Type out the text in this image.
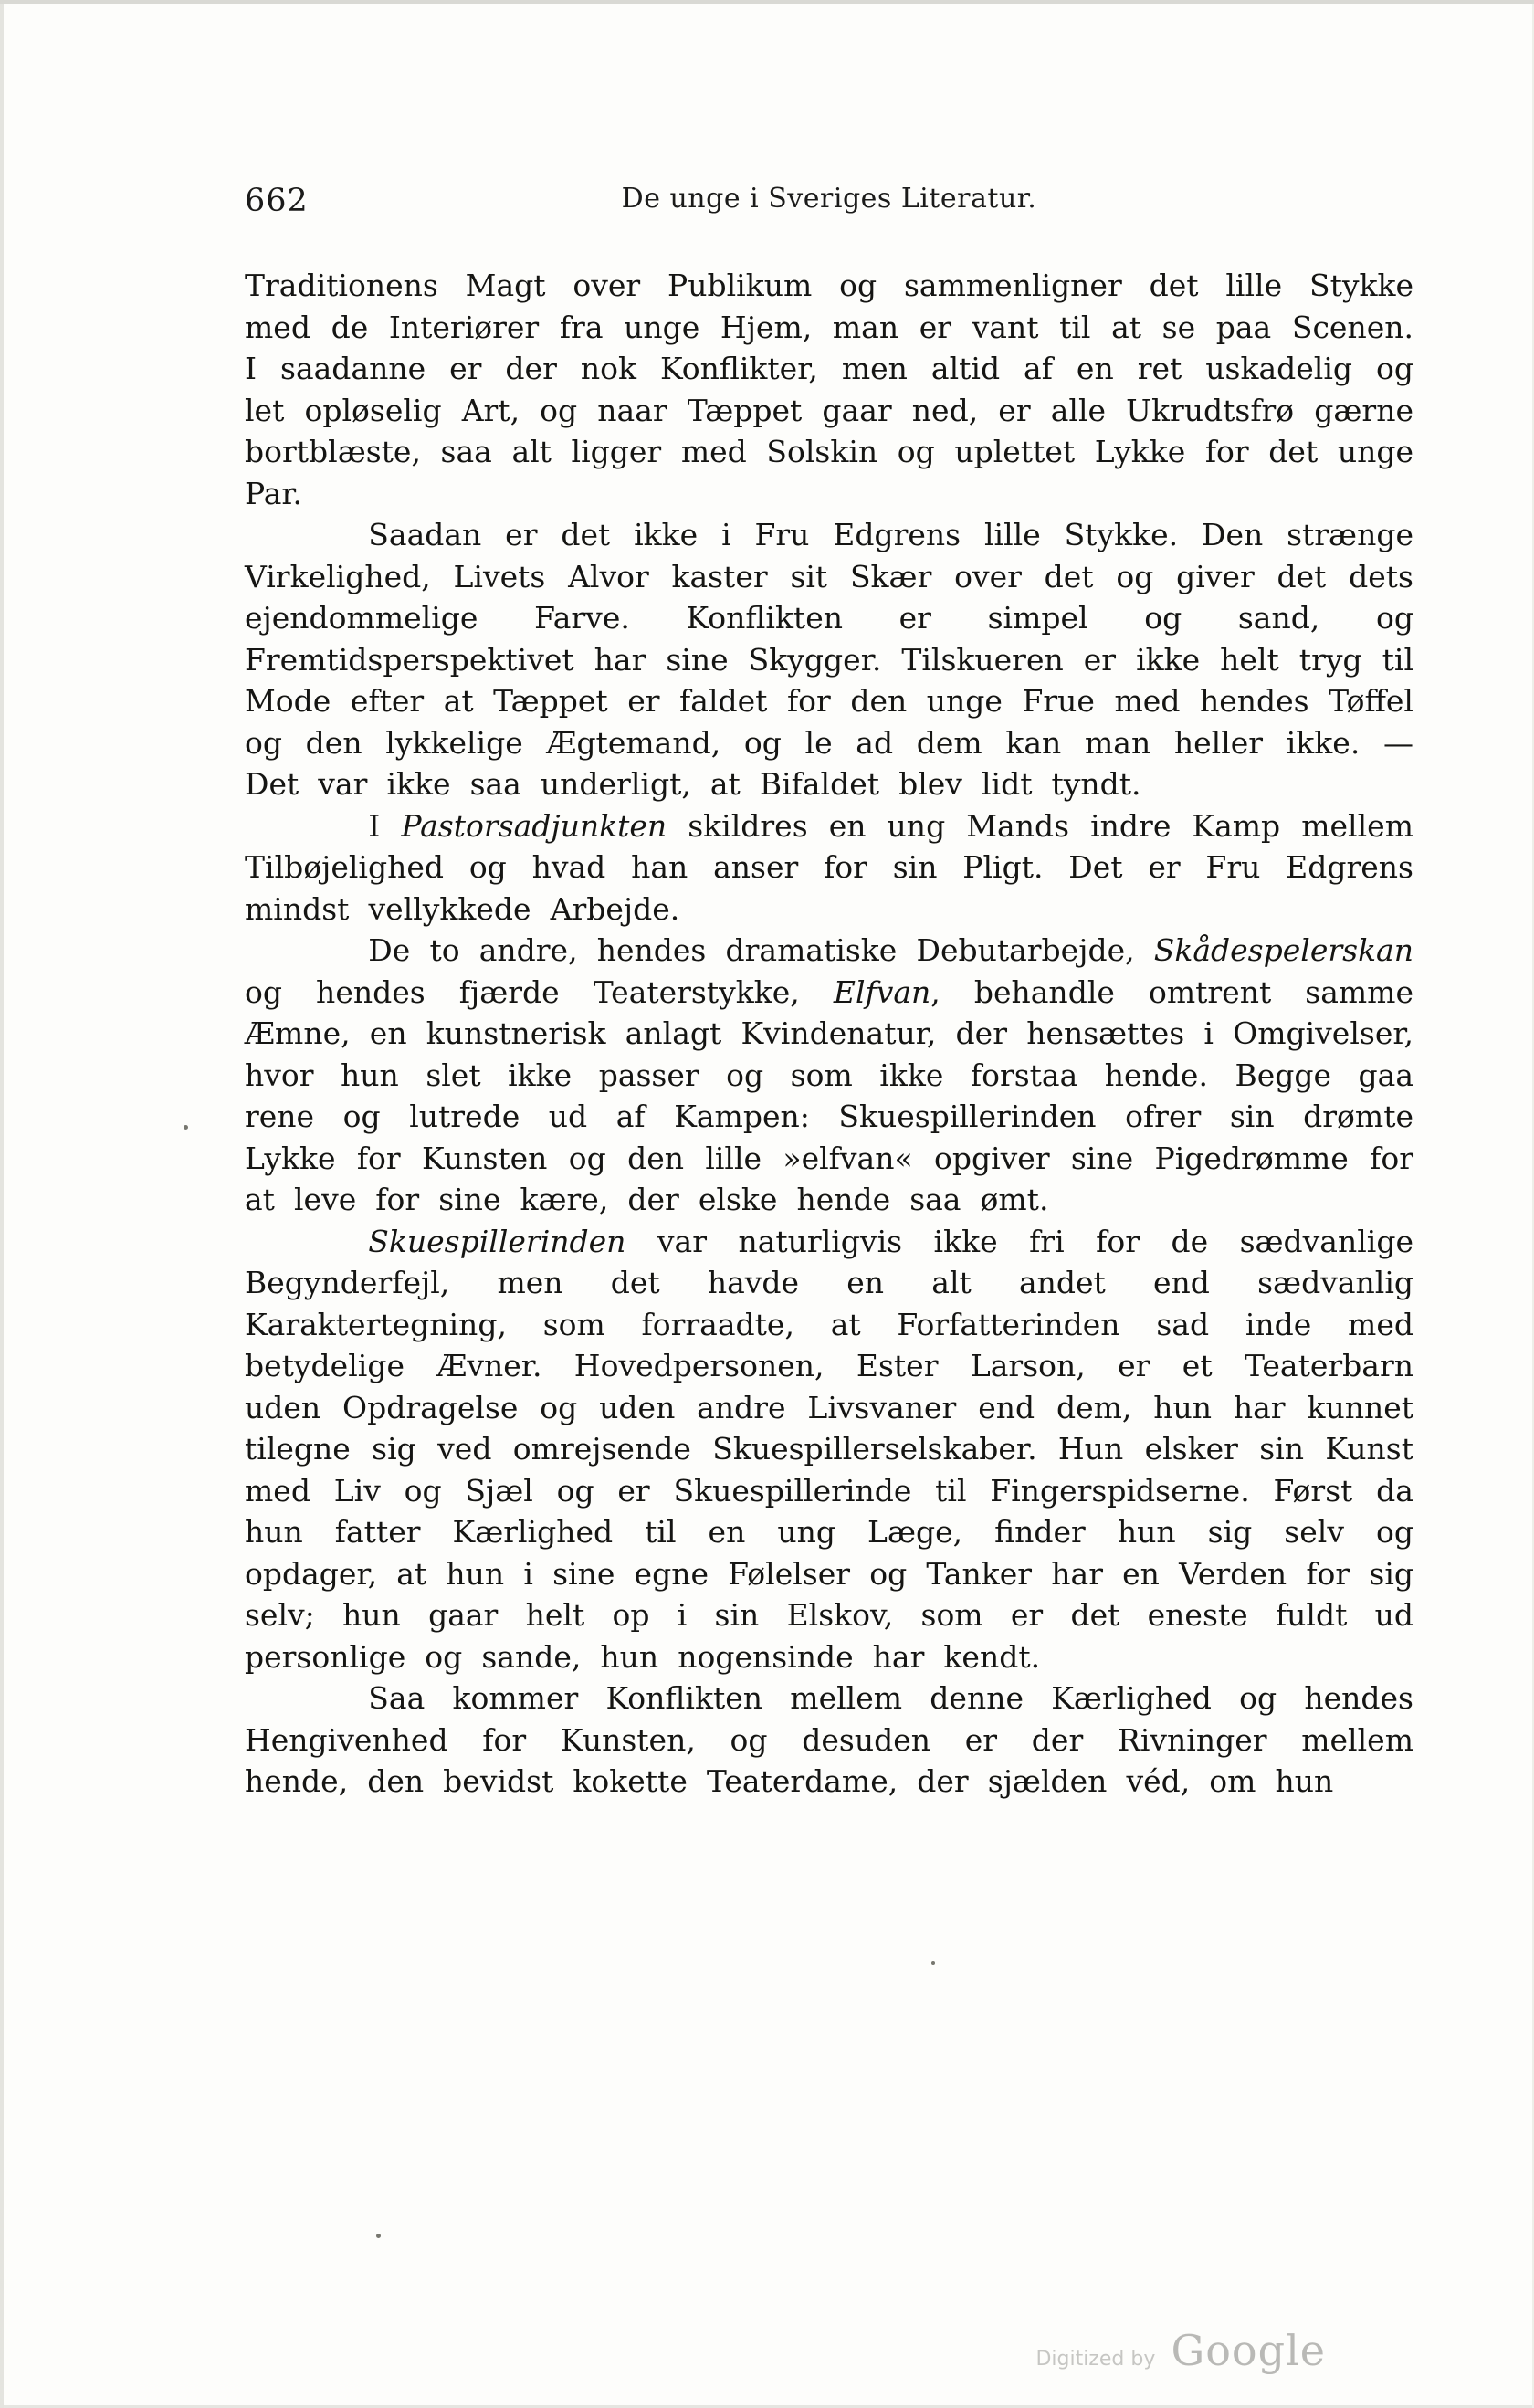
662	De unge i Sveriges Literatur.

Traditionens Magt over Publikum og sammenligner det lille Stykke med de Interiører fra unge Hjem, man er vant til at se paa Scenen. I saadanne er der nok Konflikter, men altid af en ret uskadelig og let opløselig Art, og naar Tæppet gaar ned, er alle Ukrudtsfrø gærne bortblæste, saa alt ligger med Solskin og uplettet Lykke for det unge Par.

Saadan er det ikke i Fru Edgrens lille Stykke. Den strænge Virkelighed, Livets Alvor kaster sit Skær over det og giver det dets ejendommelige Farve. Konflikten er simpel og sand, og Fremtidsperspektivet har sine Skygger. Tilskueren er ikke helt tryg til Mode efter at Tæppet er faldet for den unge Frue med hendes Tøffel og den lykkelige Ægtemand, og le ad dem kan man heller ikke. — Det var ikke saa underligt, at Bifaldet blev lidt tyndt.

I Pastorsadjunkten skildres en ung Mands indre Kamp mellem Tilbøjelighed og hvad han anser for sin Pligt. Det er Fru Edgrens mindst vellykkede Arbejde.

De to andre, hendes dramatiske Debutarbejde, Skådespelerskan og hendes fjærde Teaterstykke, Elfvan, behandle omtrent samme Æmne, en kunstnerisk anlagt Kvindenatur, der hensættes i Omgivelser, hvor hun slet ikke passer og som ikke forstaa hende. Begge gaa rene og lutrede ud af Kampen: Skuespillerinden ofrer sin drømte Lykke for Kunsten og den lille »elfvan« opgiver sine Pigedrømme for at leve for sine kære, der elske hende saa ømt.

Skuespillerinden var naturligvis ikke fri for de sædvanlige Begynderfejl, men det havde en alt andet end sædvanlig Karaktertegning, som forraadte, at Forfatterinden sad inde med betydelige Ævner. Hovedpersonen, Ester Larson, er et Teaterbarn uden Opdragelse og uden andre Livsvaner end dem, hun har kunnet tilegne sig ved omrejsende Skuespillerselskaber. Hun elsker sin Kunst med Liv og Sjæl og er Skuespillerinde til Fingerspidserne. Først da hun fatter Kærlighed til en ung Læge, finder hun sig selv og opdager, at hun i sine egne Følelser og Tanker har en Verden for sig selv; hun gaar helt op i sin Elskov, som er det eneste fuldt ud personlige og sande, hun nogensinde har kendt.

Saa kommer Konflikten mellem denne Kærlighed og hendes Hengivenhed for Kunsten, og desuden er der Rivninger mellem hende, den bevidst kokette Teaterdame, der sjælden véd, om hun

Digitized by Google
